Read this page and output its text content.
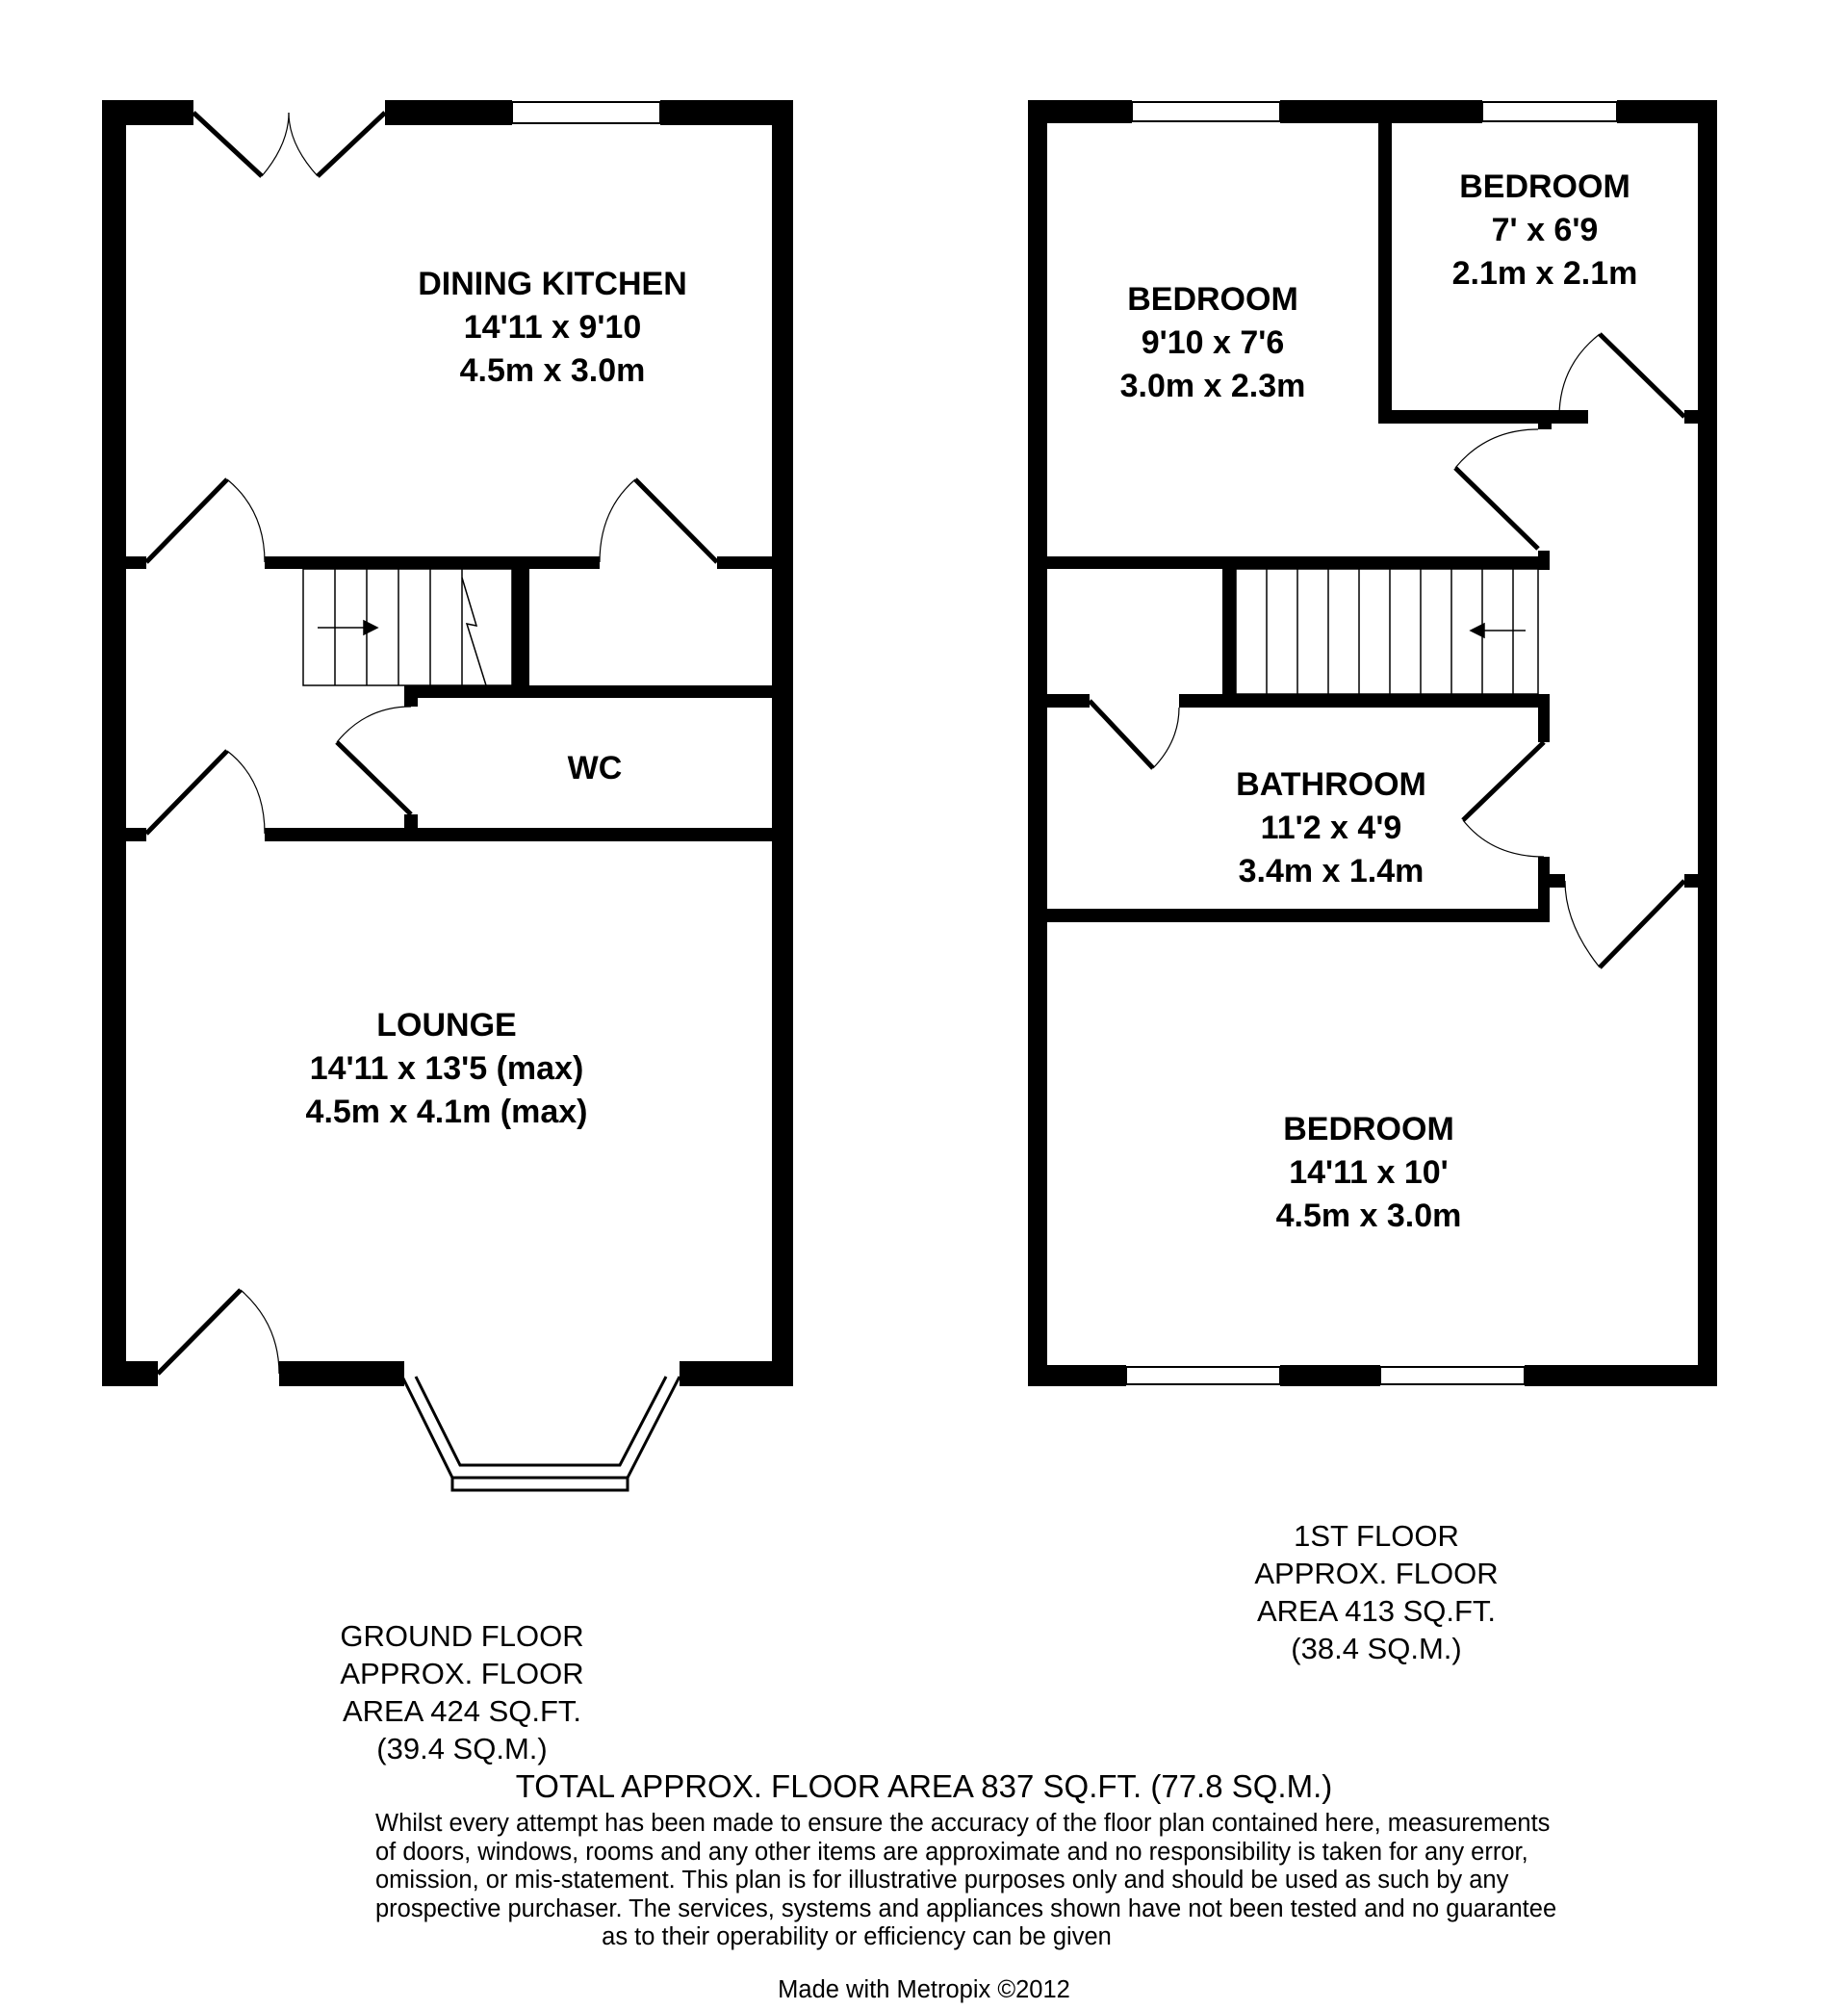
DINING KITCHEN
14'11 x 9'10
4.5m x 3.0m
WC
LOUNGE
14'11 x 13'5 (max)
4.5m x 4.1m (max)
BEDROOM
7' x 6'9
2.1m x 2.1m
BEDROOM
9'10 x 7'6
3.0m x 2.3m
BATHROOM
11'2 x 4'9
3.4m x 1.4m
BEDROOM
14'11 x 10'
4.5m x 3.0m
GROUND FLOOR
APPROX. FLOOR
AREA 424 SQ.FT.
(39.4 SQ.M.)
1ST FLOOR
APPROX. FLOOR
AREA 413 SQ.FT.
(38.4 SQ.M.)
TOTAL APPROX. FLOOR AREA 837 SQ.FT. (77.8 SQ.M.)
Whilst every attempt has been made to ensure the accuracy of the floor plan contained here, measurements
of doors, windows, rooms and any other items are approximate and no responsibility is taken for any error,
omission, or mis-statement. This plan is for illustrative purposes only and should be used as such by any
prospective purchaser. The services, systems and appliances shown have not been tested and no guarantee
as to their operability or efficiency can be given
Made with Metropix ©2012
